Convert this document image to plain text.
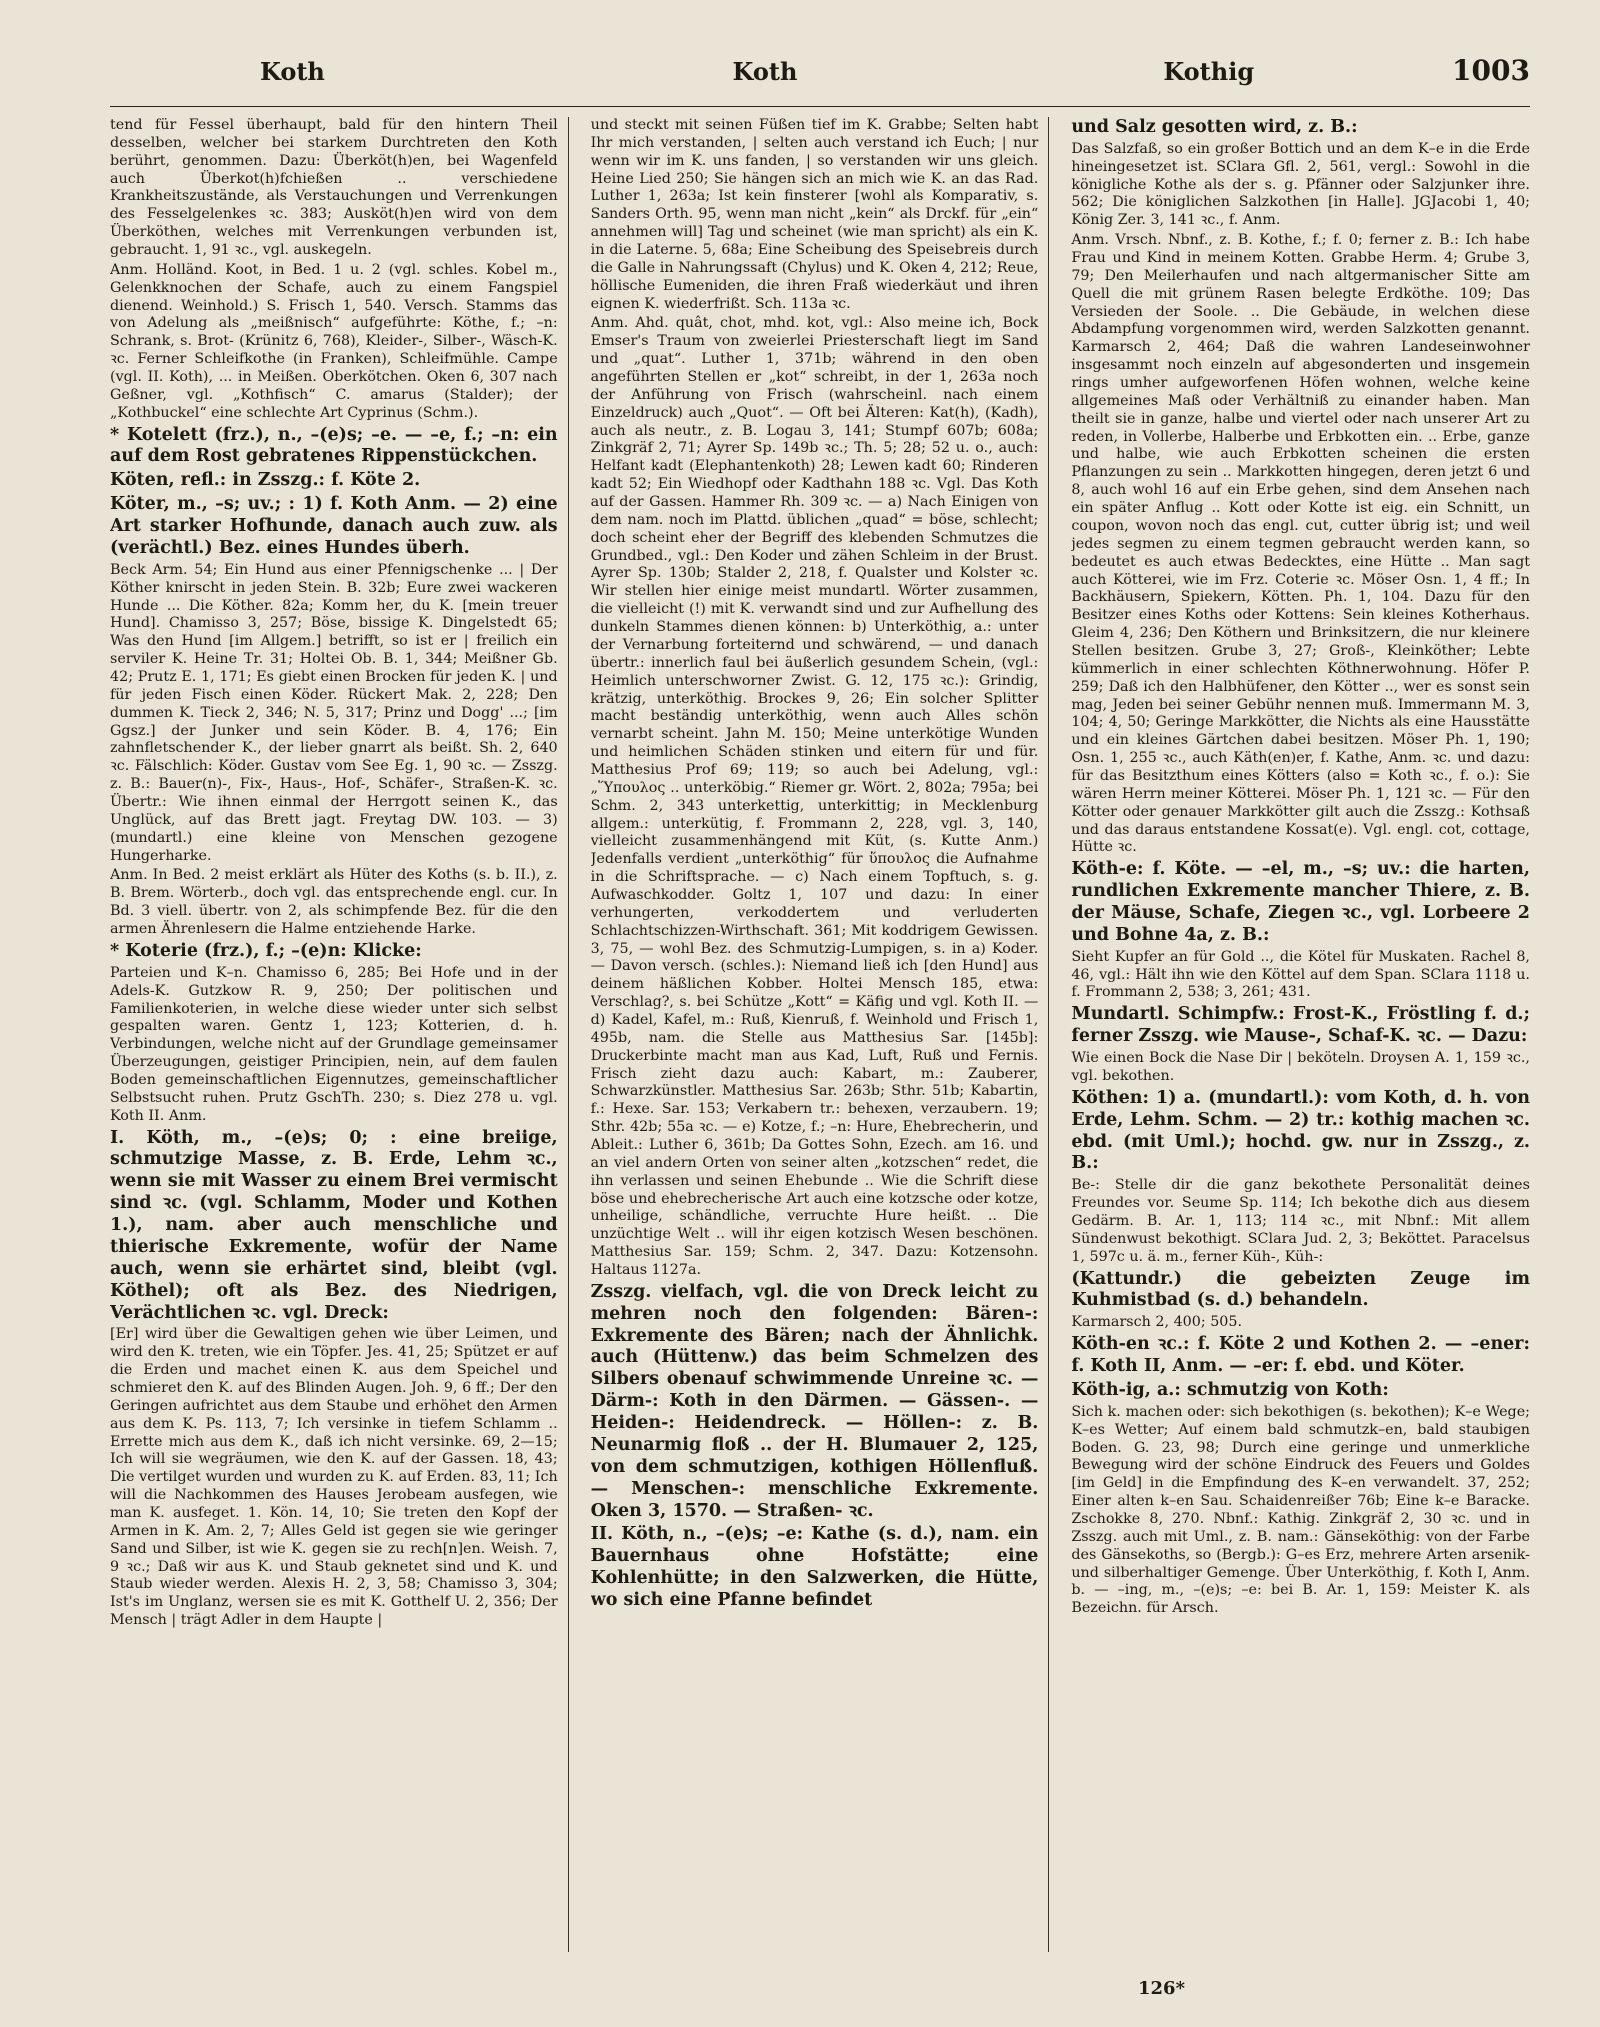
Koth	Koth	Kothig	1003

tend für Fessel überhaupt, bald für den hintern Theil desselben, welcher bei starkem Durchtreten den Koth berührt, genommen. Dazu: Überköt(h)en, bei Wagenfeld auch Überkot(h)fchießen .. verschiedene Krankheitszustände, als Verstauchungen und Verrenkungen des Fesselgelenkes ꝛc. 383; Ausköt(h)en wird von dem Überköthen, welches mit Verrenkungen verbunden ist, gebraucht. 1, 91 ꝛc., vgl. auskegeln.

Anm. Holländ. Koot, in Bed. 1 u. 2 (vgl. schles. Kobel m., Gelenkknochen der Schafe, auch zu einem Fangspiel dienend. Weinhold.) S. Frisch 1, 540. Versch. Stamms das von Adelung als „meißnisch“ aufgeführte: Köthe, f.; –n: Schrank, s. Brot- (Krünitz 6, 768), Kleider-, Silber-, Wäsch-K. ꝛc. Ferner Schleifkothe (in Franken), Schleifmühle. Campe (vgl. II. Koth), ... in Meißen. Oberkötchen. Oken 6, 307 nach Geßner, vgl. „Kothfisch“ C. amarus (Stalder); der „Kothbuckel“ eine schlechte Art Cyprinus (Schm.).

* Kotelett (frz.), n., –(e)s; –e. — –e, f.; –n: ein auf dem Rost gebratenes Rippenstückchen.

Köten, refl.: in Zsszg.: f. Köte 2.

Köter, m., –s; uv.; : 1) f. Koth Anm. — 2) eine Art starker Hofhunde, danach auch zuw. als (verächtl.) Bez. eines Hundes überh.

Beck Arm. 54; Ein Hund aus einer Pfennigschenke ... | Der Köther knirscht in jeden Stein. B. 32b; Eure zwei wackeren Hunde ... Die Köther. 82a; Komm her, du K. [mein treuer Hund]. Chamisso 3, 257; Böse, bissige K. Dingelstedt 65; Was den Hund [im Allgem.] betrifft, so ist er | freilich ein serviler K. Heine Tr. 31; Holtei Ob. B. 1, 344; Meißner Gb. 42; Prutz E. 1, 171; Es giebt einen Brocken für jeden K. | und für jeden Fisch einen Köder. Rückert Mak. 2, 228; Den dummen K. Tieck 2, 346; N. 5, 317; Prinz und Dogg' ...; [im Ggsz.] der Junker und sein Köder. B. 4, 176; Ein zahnfletschender K., der lieber gnarrt als beißt. Sh. 2, 640 ꝛc. Fälschlich: Köder. Gustav vom See Eg. 1, 90 ꝛc. — Zsszg. z. B.: Bauer(n)-, Fix-, Haus-, Hof-, Schäfer-, Straßen-K. ꝛc. Übertr.: Wie ihnen einmal der Herrgott seinen K., das Unglück, auf das Brett jagt. Freytag DW. 103. — 3) (mundartl.) eine kleine von Menschen gezogene Hungerharke.

Anm. In Bed. 2 meist erklärt als Hüter des Koths (s. b. II.), z. B. Brem. Wörterb., doch vgl. das entsprechende engl. cur. In Bd. 3 viell. übertr. von 2, als schimpfende Bez. für die den armen Ährenlesern die Halme entziehende Harke.

* Koterie (frz.), f.; –(e)n: Klicke:

Parteien und K–n. Chamisso 6, 285; Bei Hofe und in der Adels-K. Gutzkow R. 9, 250; Der politischen und Familienkoterien, in welche diese wieder unter sich selbst gespalten waren. Gentz 1, 123; Kotterien, d. h. Verbindungen, welche nicht auf der Grundlage gemeinsamer Überzeugungen, geistiger Principien, nein, auf dem faulen Boden gemeinschaftlichen Eigennutzes, gemeinschaftlicher Selbstsucht ruhen. Prutz GschTh. 230; s. Diez 278 u. vgl. Koth II. Anm.

I. Köth, m., –(e)s; 0; : eine breiige, schmutzige Masse, z. B. Erde, Lehm ꝛc., wenn sie mit Wasser zu einem Brei vermischt sind ꝛc. (vgl. Schlamm, Moder und Kothen 1.), nam. aber auch menschliche und thierische Exkremente, wofür der Name auch, wenn sie erhärtet sind, bleibt (vgl. Köthel); oft als Bez. des Niedrigen, Verächtlichen ꝛc. vgl. Dreck:

[Er] wird über die Gewaltigen gehen wie über Leimen, und wird den K. treten, wie ein Töpfer. Jes. 41, 25; Spützet er auf die Erden und machet einen K. aus dem Speichel und schmieret den K. auf des Blinden Augen. Joh. 9, 6 ff.; Der den Geringen aufrichtet aus dem Staube und erhöhet den Armen aus dem K. Ps. 113, 7; Ich versinke in tiefem Schlamm .. Errette mich aus dem K., daß ich nicht versinke. 69, 2—15; Ich will sie wegräumen, wie den K. auf der Gassen. 18, 43; Die vertilget wurden und wurden zu K. auf Erden. 83, 11; Ich will die Nachkommen des Hauses Jerobeam ausfegen, wie man K. ausfeget. 1. Kön. 14, 10; Sie treten den Kopf der Armen in K. Am. 2, 7; Alles Geld ist gegen sie wie geringer Sand und Silber, ist wie K. gegen sie zu rech[n]en. Weish. 7, 9 ꝛc.; Daß wir aus K. und Staub geknetet sind und K. und Staub wieder werden. Alexis H. 2, 3, 58; Chamisso 3, 304; Ist's im Unglanz, wersen sie es mit K. Gotthelf U. 2, 356; Der Mensch | trägt Adler in dem Haupte |

und steckt mit seinen Füßen tief im K. Grabbe; Selten habt Ihr mich verstanden, | selten auch verstand ich Euch; | nur wenn wir im K. uns fanden, | so verstanden wir uns gleich. Heine Lied 250; Sie hängen sich an mich wie K. an das Rad. Luther 1, 263a; Ist kein finsterer [wohl als Komparativ, s. Sanders Orth. 95, wenn man nicht „kein“ als Drckf. für „ein“ annehmen will] Tag und scheinet (wie man spricht) als ein K. in die Laterne. 5, 68a; Eine Scheibung des Speisebreis durch die Galle in Nahrungssaft (Chylus) und K. Oken 4, 212; Reue, höllische Eumeniden, die ihren Fraß wiederkäut und ihren eignen K. wiederfrißt. Sch. 113a ꝛc.

Anm. Ahd. quât, chot, mhd. kot, vgl.: Also meine ich, Bock Emser's Traum von zweierlei Priesterschaft liegt im Sand und „quat“. Luther 1, 371b; während in den oben angeführten Stellen er „kot“ schreibt, in der 1, 263a noch der Anführung von Frisch (wahrscheinl. nach einem Einzeldruck) auch „Quot“. — Oft bei Älteren: Kat(h), (Kadh), auch als neutr., z. B. Logau 3, 141; Stumpf 607b; 608a; Zinkgräf 2, 71; Ayrer Sp. 149b ꝛc.; Th. 5; 28; 52 u. o., auch: Helfant kadt (Elephantenkoth) 28; Lewen kadt 60; Rinderen kadt 52; Ein Wiedhopf oder Kadthahn 188 ꝛc. Vgl. Das Koth auf der Gassen. Hammer Rh. 309 ꝛc. — a) Nach Einigen von dem nam. noch im Plattd. üblichen „quad“ = böse, schlecht; doch scheint eher der Begriff des klebenden Schmutzes die Grundbed., vgl.: Den Koder und zähen Schleim in der Brust. Ayrer Sp. 130b; Stalder 2, 218, f. Qualster und Kolster ꝛc. Wir stellen hier einige meist mundartl. Wörter zusammen, die vielleicht (!) mit K. verwandt sind und zur Aufhellung des dunkeln Stammes dienen können: b) Unterköthig, a.: unter der Vernarbung forteiternd und schwärend, — und danach übertr.: innerlich faul bei äußerlich gesundem Schein, (vgl.: Heimlich unterschworner Zwist. G. 12, 175 ꝛc.): Grindig, krätzig, unterköthig. Brockes 9, 26; Ein solcher Splitter macht beständig unterköthig, wenn auch Alles schön vernarbt scheint. Jahn M. 150; Meine unterkötige Wunden und heimlichen Schäden stinken und eitern für und für. Matthesius Prof 69; 119; so auch bei Adelung, vgl.: „Ὕπουλος .. unterköbig.“ Riemer gr. Wört. 2, 802a; 795a; bei Schm. 2, 343 unterkettig, unterkittig; in Mecklenburg allgem.: unterkütig, f. Frommann 2, 228, vgl. 3, 140, vielleicht zusammenhängend mit Küt, (s. Kutte Anm.) Jedenfalls verdient „unterköthig“ für ὕπουλος die Aufnahme in die Schriftsprache. — c) Nach einem Topftuch, s. g. Aufwaschkodder. Goltz 1, 107 und dazu: In einer verhungerten, verkoddertem und verluderten Schlachtschizzen-Wirthschaft. 361; Mit koddrigem Gewissen. 3, 75, — wohl Bez. des Schmutzig-Lumpigen, s. in a) Koder. — Davon versch. (schles.): Niemand ließ ich [den Hund] aus deinem häßlichen Kobber. Holtei Mensch 185, etwa: Verschlag?, s. bei Schütze „Kott“ = Käfig und vgl. Koth II. — d) Kadel, Kafel, m.: Ruß, Kienruß, f. Weinhold und Frisch 1, 495b, nam. die Stelle aus Matthesius Sar. [145b]: Druckerbinte macht man aus Kad, Luft, Ruß und Fernis. Frisch zieht dazu auch: Kabart, m.: Zauberer, Schwarzkünstler. Matthesius Sar. 263b; Sthr. 51b; Kabartin, f.: Hexe. Sar. 153; Verkabern tr.: behexen, verzaubern. 19; Sthr. 42b; 55a ꝛc. — e) Kotze, f.; –n: Hure, Ehebrecherin, und Ableit.: Luther 6, 361b; Da Gottes Sohn, Ezech. am 16. und an viel andern Orten von seiner alten „kotzschen“ redet, die ihn verlassen und seinen Ehebunde .. Wie die Schrift diese böse und ehebrecherische Art auch eine kotzsche oder kotze, unheilige, schändliche, verruchte Hure heißt. .. Die unzüchtige Welt .. will ihr eigen kotzisch Wesen beschönen. Matthesius Sar. 159; Schm. 2, 347. Dazu: Kotzensohn. Haltaus 1127a.

Zsszg. vielfach, vgl. die von Dreck leicht zu mehren noch den folgenden: Bären-: Exkremente des Bären; nach der Ähnlichk. auch (Hüttenw.) das beim Schmelzen des Silbers obenauf schwimmende Unreine ꝛc. — Därm-: Koth in den Därmen. — Gässen-. — Heiden-: Heidendreck. — Höllen-: z. B. Neunarmig floß .. der H. Blumauer 2, 125, von dem schmutzigen, kothigen Höllenfluß. — Menschen-: menschliche Exkremente. Oken 3, 1570. — Straßen- ꝛc.

II. Köth, n., –(e)s; –e: Kathe (s. d.), nam. ein Bauernhaus ohne Hofstätte; eine Kohlenhütte; in den Salzwerken, die Hütte, wo sich eine Pfanne befindet

und Salz gesotten wird, z. B.:

Das Salzfaß, so ein großer Bottich und an dem K–e in die Erde hineingesetzet ist. SClara Gfl. 2, 561, vergl.: Sowohl in die königliche Kothe als der s. g. Pfänner oder Salzjunker ihre. 562; Die königlichen Salzkothen [in Halle]. JGJacobi 1, 40; König Zer. 3, 141 ꝛc., f. Anm.

Anm. Vrsch. Nbnf., z. B. Kothe, f.; f. 0; ferner z. B.: Ich habe Frau und Kind in meinem Kotten. Grabbe Herm. 4; Grube 3, 79; Den Meilerhaufen und nach altgermanischer Sitte am Quell die mit grünem Rasen belegte Erdköthe. 109; Das Versieden der Soole. .. Die Gebäude, in welchen diese Abdampfung vorgenommen wird, werden Salzkotten genannt. Karmarsch 2, 464; Daß die wahren Landeseinwohner insgesammt noch einzeln auf abgesonderten und insgemein rings umher aufgeworfenen Höfen wohnen, welche keine allgemeines Maß oder Verhältniß zu einander haben. Man theilt sie in ganze, halbe und viertel oder nach unserer Art zu reden, in Vollerbe, Halberbe und Erbkotten ein. .. Erbe, ganze und halbe, wie auch Erbkotten scheinen die ersten Pflanzungen zu sein .. Markkotten hingegen, deren jetzt 6 und 8, auch wohl 16 auf ein Erbe gehen, sind dem Ansehen nach ein später Anflug .. Kott oder Kotte ist eig. ein Schnitt, un coupon, wovon noch das engl. cut, cutter übrig ist; und weil jedes segmen zu einem tegmen gebraucht werden kann, so bedeutet es auch etwas Bedecktes, eine Hütte .. Man sagt auch Kötterei, wie im Frz. Coterie ꝛc. Möser Osn. 1, 4 ff.; In Backhäusern, Spiekern, Kötten. Ph. 1, 104. Dazu für den Besitzer eines Koths oder Kottens: Sein kleines Kotherhaus. Gleim 4, 236; Den Köthern und Brinksitzern, die nur kleinere Stellen besitzen. Grube 3, 27; Groß-, Kleinköther; Lebte kümmerlich in einer schlechten Köthnerwohnung. Höfer P. 259; Daß ich den Halbhüfener, den Kötter .., wer es sonst sein mag, Jeden bei seiner Gebühr nennen muß. Immermann M. 3, 104; 4, 50; Geringe Markkötter, die Nichts als eine Hausstätte und ein kleines Gärtchen dabei besitzen. Möser Ph. 1, 190; Osn. 1, 255 ꝛc., auch Käth(en)er, f. Kathe, Anm. ꝛc. und dazu: für das Besitzthum eines Kötters (also = Koth ꝛc., f. o.): Sie wären Herrn meiner Kötterei. Möser Ph. 1, 121 ꝛc. — Für den Kötter oder genauer Markkötter gilt auch die Zsszg.: Kothsaß und das daraus entstandene Kossat(e). Vgl. engl. cot, cottage, Hütte ꝛc.

Köth-e: f. Köte. — –el, m., –s; uv.: die harten, rundlichen Exkremente mancher Thiere, z. B. der Mäuse, Schafe, Ziegen ꝛc., vgl. Lorbeere 2 und Bohne 4a, z. B.:

Sieht Kupfer an für Gold .., die Kötel für Muskaten. Rachel 8, 46, vgl.: Hält ihn wie den Köttel auf dem Span. SClara 1118 u. f. Frommann 2, 538; 3, 261; 431.

Mundartl. Schimpfw.: Frost-K., Fröstling f. d.; ferner Zsszg. wie Mause-, Schaf-K. ꝛc. — Dazu:

Wie einen Bock die Nase Dir | beköteln. Droysen A. 1, 159 ꝛc., vgl. bekothen.

Köthen: 1) a. (mundartl.): vom Koth, d. h. von Erde, Lehm. Schm. — 2) tr.: kothig machen ꝛc. ebd. (mit Uml.); hochd. gw. nur in Zsszg., z. B.:

Be-: Stelle dir die ganz bekothete Personalität deines Freundes vor. Seume Sp. 114; Ich bekothe dich aus diesem Gedärm. B. Ar. 1, 113; 114 ꝛc., mit Nbnf.: Mit allem Sündenwust bekothigt. SClara Jud. 2, 3; Beköttet. Paracelsus 1, 597c u. ä. m., ferner Küh-, Küh-:

(Kattundr.) die gebeizten Zeuge im Kuhmistbad (s. d.) behandeln.

Karmarsch 2, 400; 505.

Köth-en ꝛc.: f. Köte 2 und Kothen 2. — –ener: f. Koth II, Anm. — –er: f. ebd. und Köter.

Köth-ig, a.: schmutzig von Koth:

Sich k. machen oder: sich bekothigen (s. bekothen); K–e Wege; K–es Wetter; Auf einem bald schmutzk–en, bald staubigen Boden. G. 23, 98; Durch eine geringe und unmerkliche Bewegung wird der schöne Eindruck des Feuers und Goldes [im Geld] in die Empfindung des K–en verwandelt. 37, 252; Einer alten k–en Sau. Schaidenreißer 76b; Eine k–e Baracke. Zschokke 8, 270. Nbnf.: Kathig. Zinkgräf 2, 30 ꝛc. und in Zsszg. auch mit Uml., z. B. nam.: Gänseköthig: von der Farbe des Gänsekoths, so (Bergb.): G–es Erz, mehrere Arten arsenik- und silberhaltiger Gemenge. Über Unterköthig, f. Koth I, Anm. b. — –ing, m., –(e)s; –e: bei B. Ar. 1, 159: Meister K. als Bezeichn. für Arsch.

126*
